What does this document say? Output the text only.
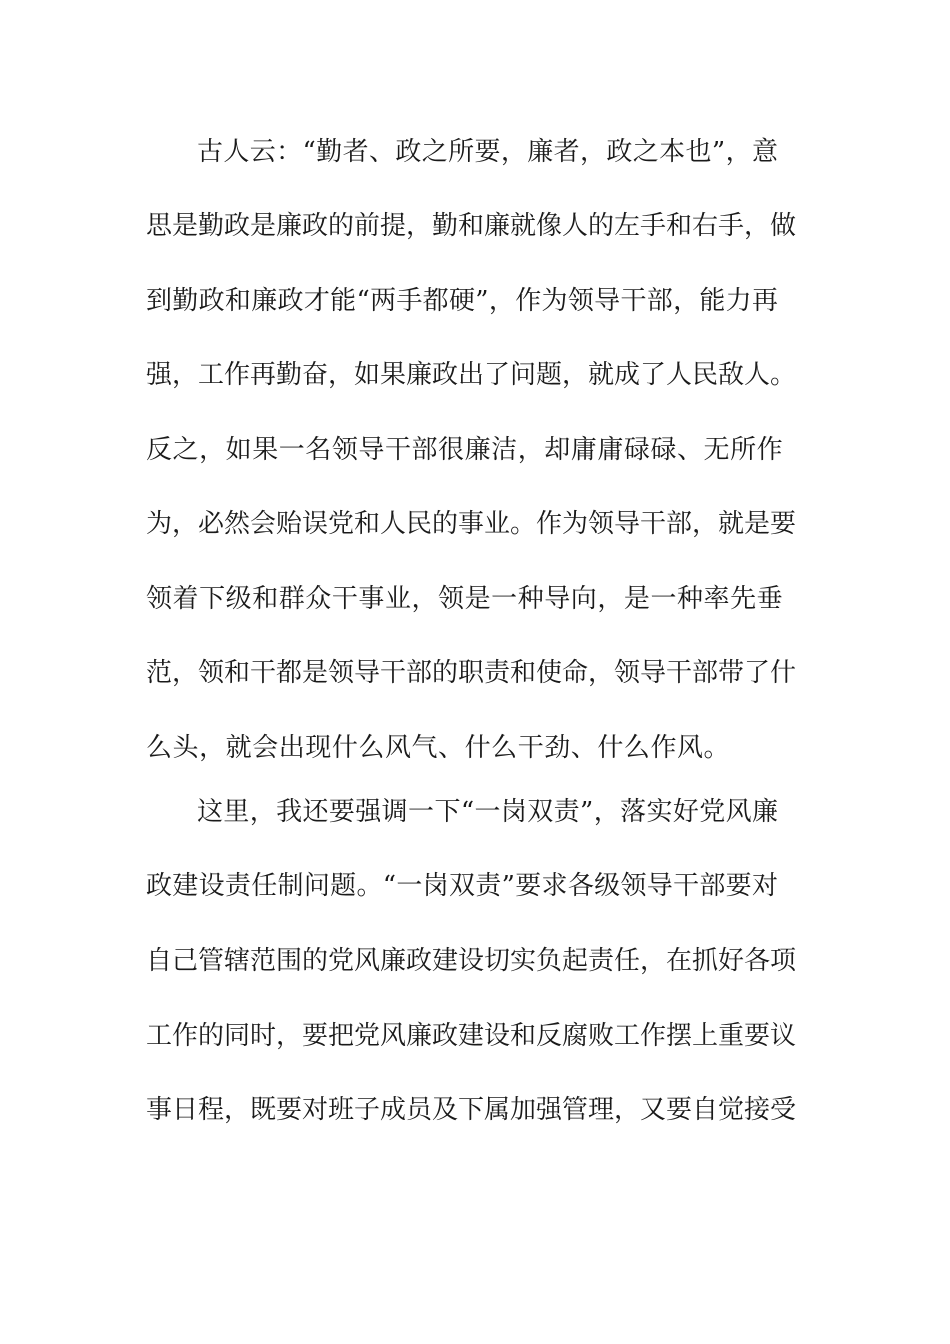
古人云：“勤者、政之所要，廉者，政之本也”，意
思是勤政是廉政的前提，勤和廉就像人的左手和右手，做
到勤政和廉政才能“两手都硬”，作为领导干部，能力再
强，工作再勤奋，如果廉政出了问题，就成了人民敌人。
反之，如果一名领导干部很廉洁，却庸庸碌碌、无所作
为，必然会贻误党和人民的事业。作为领导干部，就是要
领着下级和群众干事业，领是一种导向，是一种率先垂
范，领和干都是领导干部的职责和使命，领导干部带了什
么头，就会出现什么风气、什么干劲、什么作风。
这里，我还要强调一下“一岗双责”，落实好党风廉
政建设责任制问题。“一岗双责”要求各级领导干部要对
自己管辖范围的党风廉政建设切实负起责任，在抓好各项
工作的同时，要把党风廉政建设和反腐败工作摆上重要议
事日程，既要对班子成员及下属加强管理，又要自觉接受
